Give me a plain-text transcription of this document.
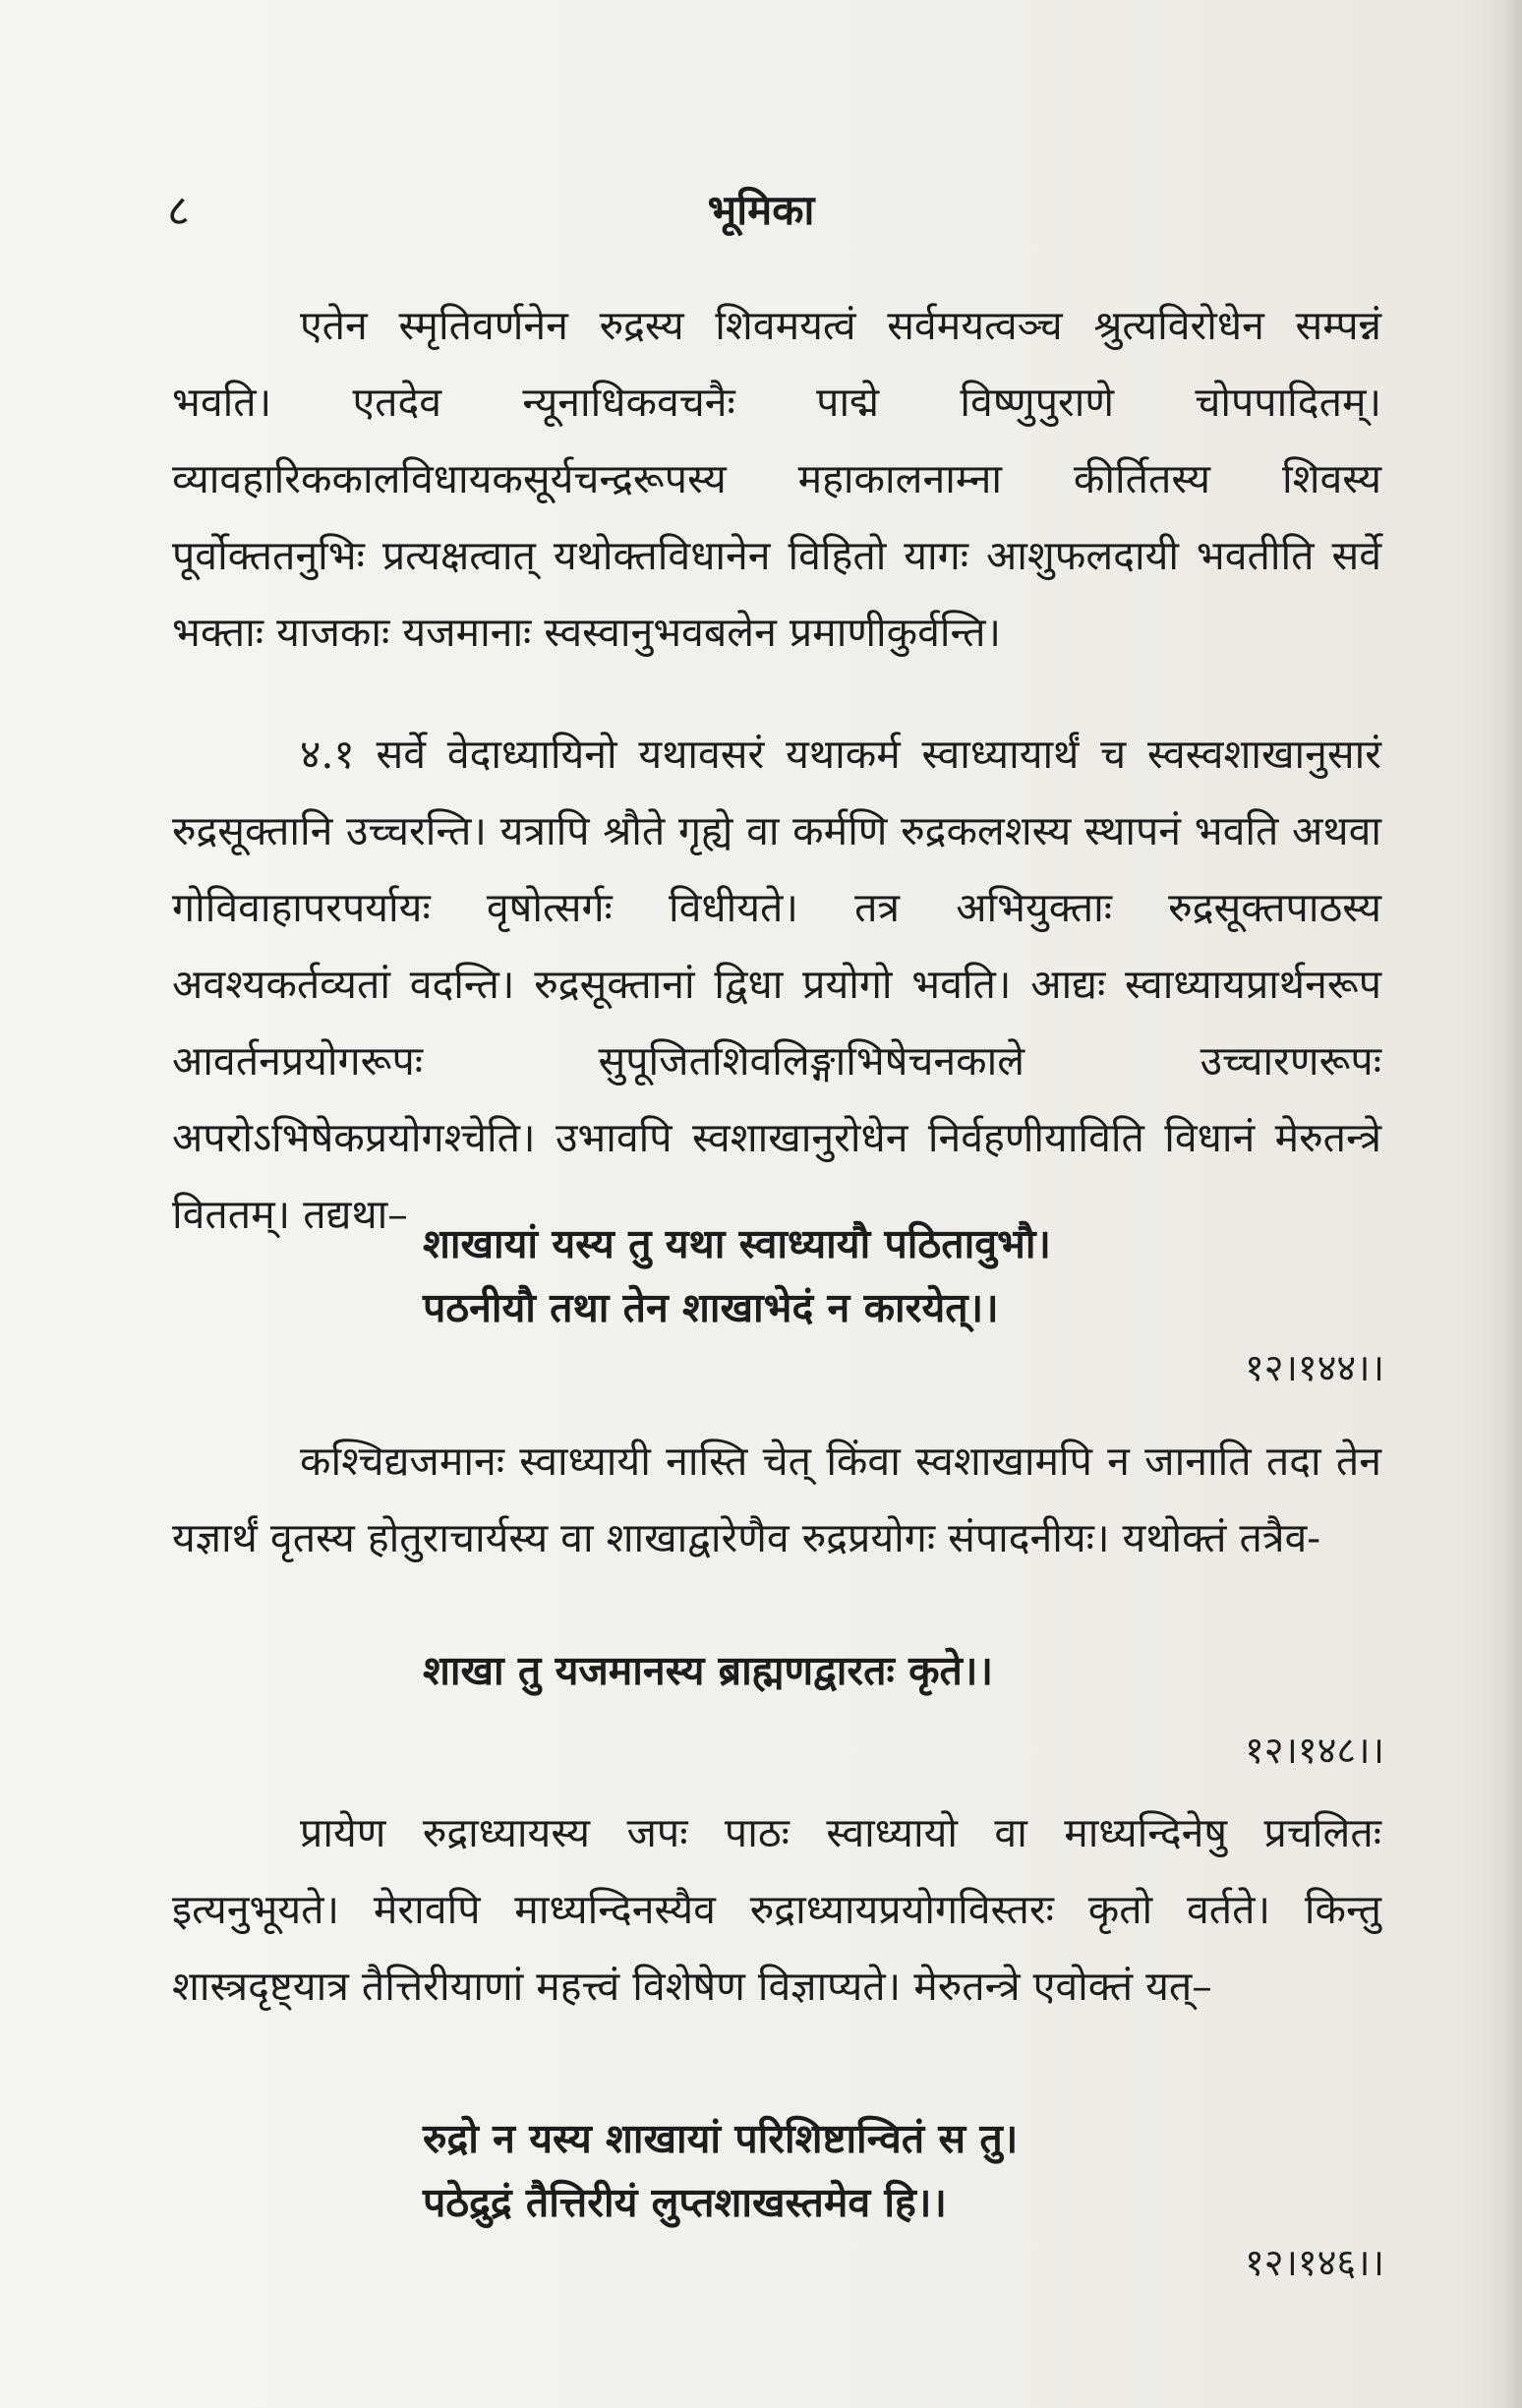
८	भूमिका

एतेन स्मृतिवर्णनेन रुद्रस्य शिवमयत्वं सर्वमयत्वञ्च श्रुत्यविरोधेन सम्पन्नं भवति। एतदेव न्यूनाधिकवचनैः पाद्मे विष्णुपुराणे चोपपादितम्। व्यावहारिककालविधायकसूर्यचन्द्ररूपस्य महाकालनाम्ना कीर्तितस्य शिवस्य पूर्वोक्ततनुभिः प्रत्यक्षत्वात् यथोक्तविधानेन विहितो यागः आशुफलदायी भवतीति सर्वे भक्ताः याजकाः यजमानाः स्वस्वानुभवबलेन प्रमाणीकुर्वन्ति।

४.१ सर्वे वेदाध्यायिनो यथावसरं यथाकर्म स्वाध्यायार्थं च स्वस्वशाखानुसारं रुद्रसूक्तानि उच्चरन्ति। यत्रापि श्रौते गृह्ये वा कर्मणि रुद्रकलशस्य स्थापनं भवति अथवा गोविवाहापरपर्यायः वृषोत्सर्गः विधीयते। तत्र अभियुक्ताः रुद्रसूक्तपाठस्य अवश्यकर्तव्यतां वदन्ति। रुद्रसूक्तानां द्विधा प्रयोगो भवति। आद्यः स्वाध्यायप्रार्थनरूप आवर्तनप्रयोगरूपः सुपूजितशिवलिङ्गाभिषेचनकाले उच्चारणरूपः अपरोऽभिषेकप्रयोगश्चेति। उभावपि स्वशाखानुरोधेन निर्वहणीयाविति विधानं मेरुतन्त्रे विततम्। तद्यथा–

शाखायां यस्य तु यथा स्वाध्यायौ पठितावुभौ।
पठनीयौ तथा तेन शाखाभेदं न कारयेत्।।
१२।१४४।।

कश्चिद्यजमानः स्वाध्यायी नास्ति चेत् किंवा स्वशाखामपि न जानाति तदा तेन यज्ञार्थं वृतस्य होतुराचार्यस्य वा शाखाद्वारेणैव रुद्रप्रयोगः संपादनीयः। यथोक्तं तत्रैव-

शाखा तु यजमानस्य ब्राह्मणद्वारतः कृते।।
१२।१४८।।

प्रायेण रुद्राध्यायस्य जपः पाठः स्वाध्यायो वा माध्यन्दिनेषु प्रचलितः इत्यनुभूयते। मेरावपि माध्यन्दिनस्यैव रुद्राध्यायप्रयोगविस्तरः कृतो वर्तते। किन्तु शास्त्रदृष्ट्यात्र तैत्तिरीयाणां महत्त्वं विशेषेण विज्ञाप्यते। मेरुतन्त्रे एवोक्तं यत्–

रुद्रो न यस्य शाखायां परिशिष्टान्वितं स तु।
पठेद्रुद्रं तैत्तिरीयं लुप्तशाखस्तमेव हि।।
१२।१४६।।
